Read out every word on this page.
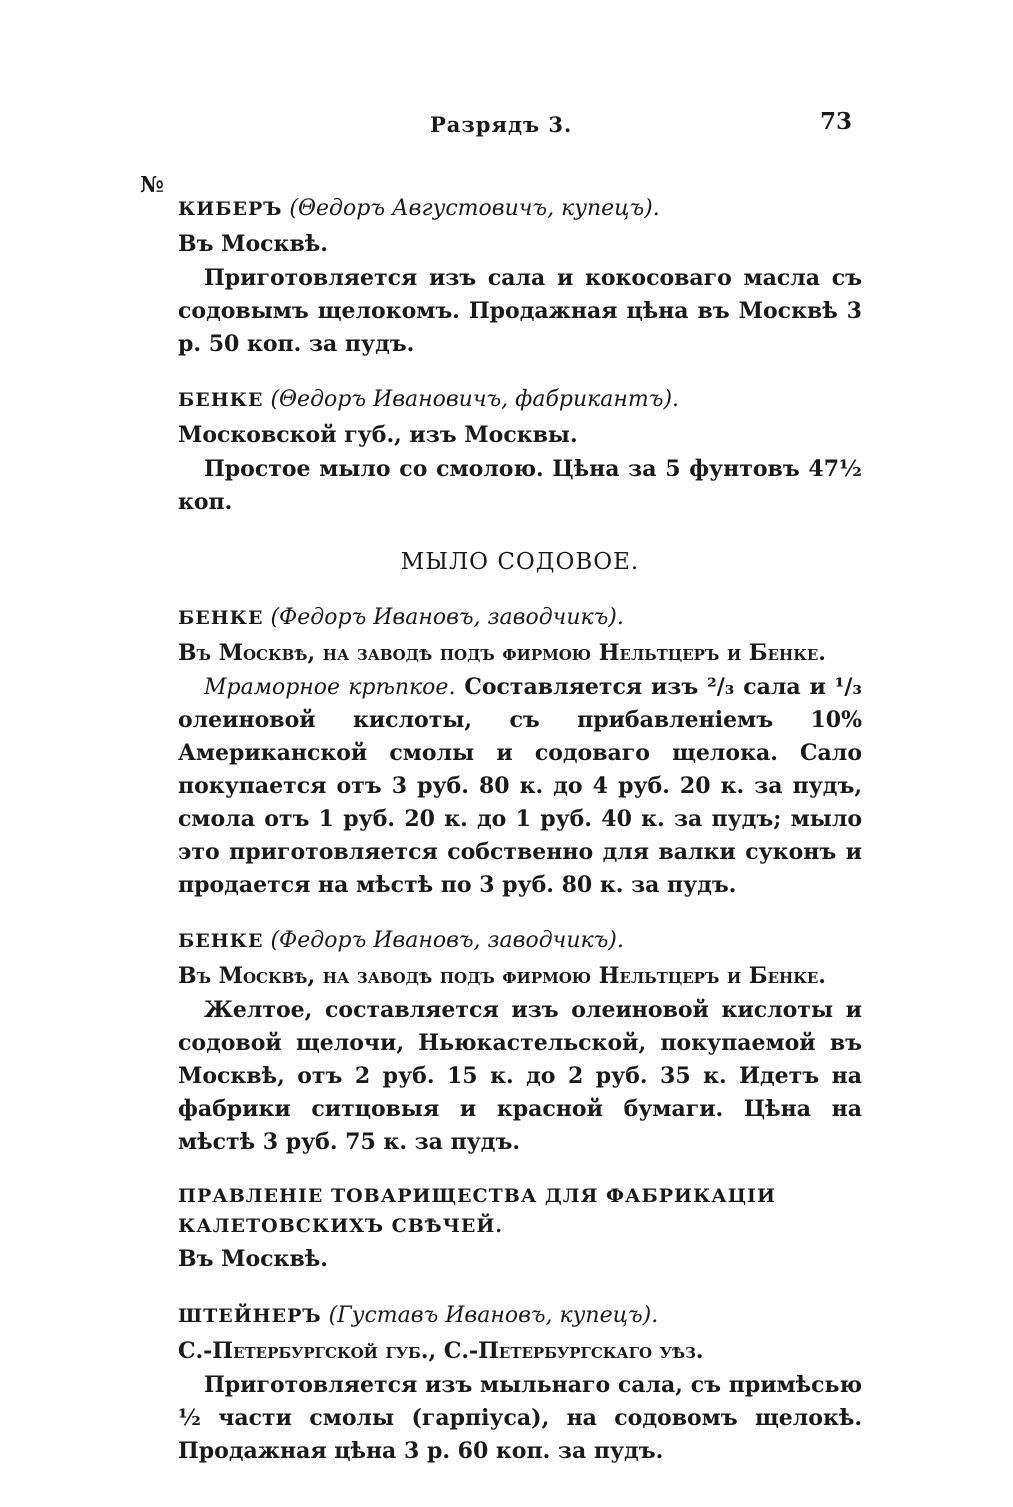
Разрядъ 3.	73
№
КИБЕРЪ (Θедоръ Августовичъ, купецъ).
Въ Москвѣ.
Приготовляется изъ сала и кокосоваго масла съ содовымъ щелокомъ. Продажная цѣна въ Москвѣ 3 р. 50 коп. за пудъ.
БЕНКЕ (Θедоръ Ивановичъ, фабрикантъ).
Московской губ., изъ Москвы.
Простое мыло со смолою. Цѣна за 5 фунтовъ 47½ коп.
МЫЛО СОДОВОЕ.
БЕНКЕ (Федоръ Ивановъ, заводчикъ).
Въ Москвѣ, на заводѣ подъ фирмою Нельтцеръ и Бенке.
Мраморное крѣпкое. Составляется изъ ²/₃ сала и ¹/₃ олеиновой кислоты, съ прибавленіемъ 10% Американской смолы и содоваго щелока. Сало покупается отъ 3 руб. 80 к. до 4 руб. 20 к. за пудъ, смола отъ 1 руб. 20 к. до 1 руб. 40 к. за пудъ; мыло это приготовляется собственно для валки суконъ и продается на мѣстѣ по 3 руб. 80 к. за пудъ.
БЕНКЕ (Федоръ Ивановъ, заводчикъ).
Въ Москвѣ, на заводѣ подъ фирмою Нельтцеръ и Бенке.
Желтое, составляется изъ олеиновой кислоты и содовой щелочи, Ньюкастельской, покупаемой въ Москвѣ, отъ 2 руб. 15 к. до 2 руб. 35 к. Идетъ на фабрики ситцовыя и красной бумаги. Цѣна на мѣстѣ 3 руб. 75 к. за пудъ.
ПРАВЛЕНІЕ ТОВАРИЩЕСТВА ДЛЯ ФАБРИКАЦІИ КАЛЕТОВСКИХЪ СВѢЧЕЙ.
Въ Москвѣ.
ШТЕЙНЕРЪ (Густавъ Ивановъ, купецъ).
С.-Петербургской губ., С.-Петербургскаго уѣз.
Приготовляется изъ мыльнаго сала, съ примѣсью ½ части смолы (гарпіуса), на содовомъ щелокѣ. Продажная цѣна 3 р. 60 коп. за пудъ.
